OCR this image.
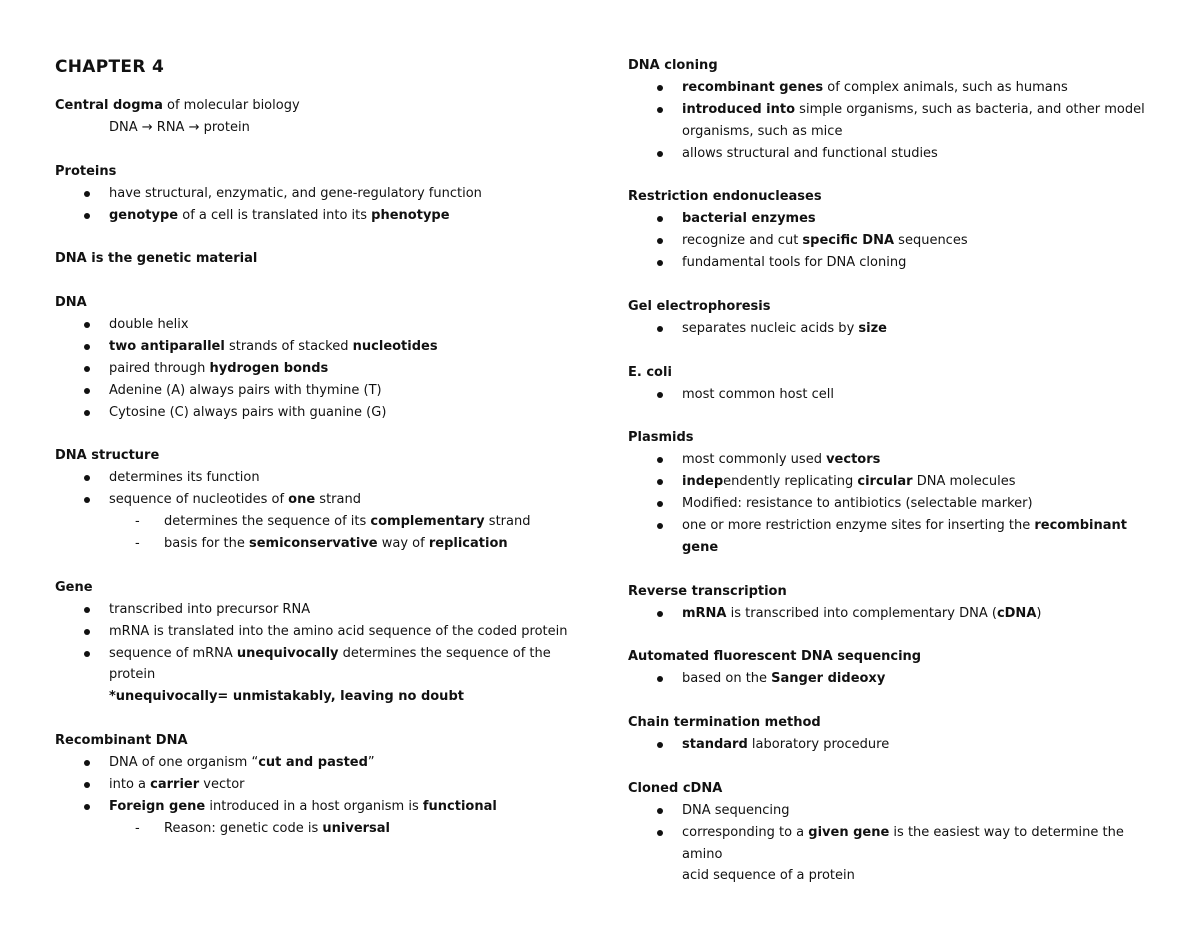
CHAPTER 4
Central dogma of molecular biology
DNA → RNA → protein
Proteins
have structural, enzymatic, and gene-regulatory function
genotype of a cell is translated into its phenotype
DNA is the genetic material
DNA
double helix
two antiparallel strands of stacked nucleotides
paired through hydrogen bonds
Adenine (A) always pairs with thymine (T)
Cytosine (C) always pairs with guanine (G)
DNA structure
determines its function
sequence of nucleotides of one strand
- determines the sequence of its complementary strand
- basis for the semiconservative way of replication
Gene
transcribed into precursor RNA
mRNA is translated into the amino acid sequence of the coded protein
sequence of mRNA unequivocally determines the sequence of the
protein
*unequivocally= unmistakably, leaving no doubt
Recombinant DNA
DNA of one organism “cut and pasted”
into a carrier vector
Foreign gene introduced in a host organism is functional
- Reason: genetic code is universal
DNA cloning
recombinant genes of complex animals, such as humans
introduced into simple organisms, such as bacteria, and other model
organisms, such as mice
allows structural and functional studies
Restriction endonucleases
bacterial enzymes
recognize and cut specific DNA sequences
fundamental tools for DNA cloning
Gel electrophoresis
separates nucleic acids by size
E. coli
most common host cell
Plasmids
most commonly used vectors
independently replicating circular DNA molecules
Modified: resistance to antibiotics (selectable marker)
one or more restriction enzyme sites for inserting the recombinant
gene
Reverse transcription
mRNA is transcribed into complementary DNA (cDNA)
Automated fluorescent DNA sequencing
based on the Sanger dideoxy
Chain termination method
standard laboratory procedure
Cloned cDNA
DNA sequencing
corresponding to a given gene is the easiest way to determine the amino
acid sequence of a protein
